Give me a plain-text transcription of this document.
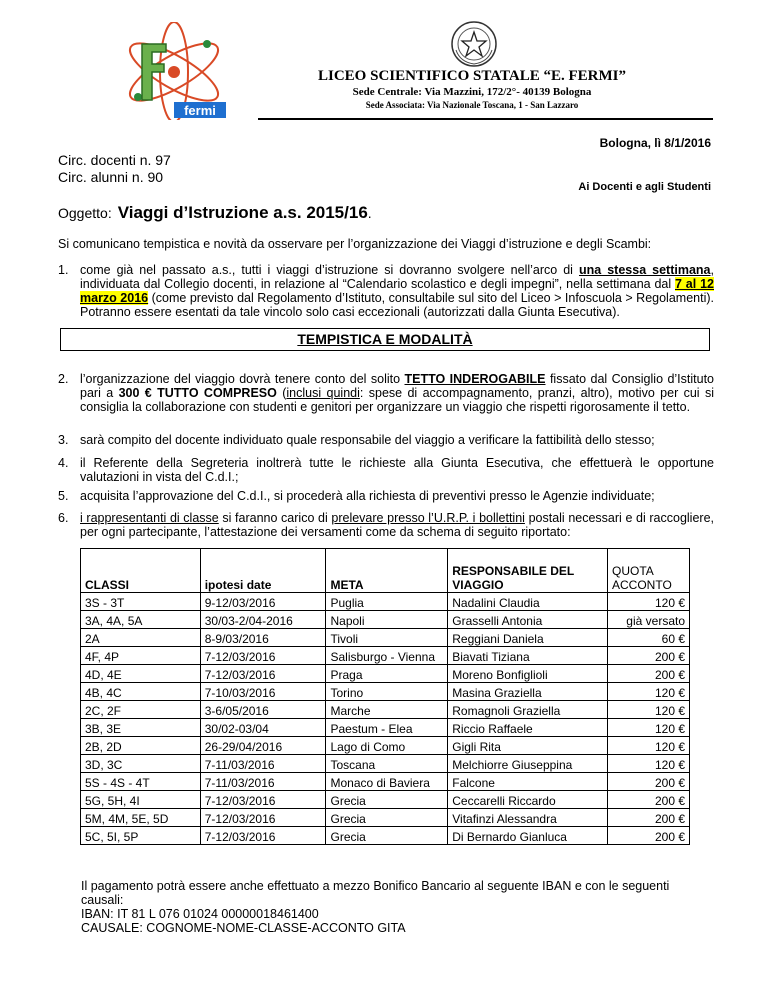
fermi
LICEO SCIENTIFICO STATALE “E. FERMI”
Sede Centrale: Via Mazzini, 172/2°- 40139 Bologna
Sede Associata: Via Nazionale Toscana, 1 - San Lazzaro
Bologna, lì 8/1/2016
Circ. docenti n. 97
Circ. alunni n. 90
Ai Docenti e agli Studenti
Oggetto: Viaggi d’Istruzione a.s. 2015/16.
Si comunicano tempistica e novità da osservare per l’organizzazione dei Viaggi d’istruzione e degli Scambi:
1. come già nel passato a.s., tutti i viaggi d’istruzione si dovranno svolgere nell’arco di una stessa settimana, individuata dal Collegio docenti, in relazione al “Calendario scolastico e degli impegni”, nella settimana dal 7 al 12 marzo 2016 (come previsto dal Regolamento d’Istituto, consultabile sul sito del Liceo > Infoscuola > Regolamenti). Potranno essere esentati da tale vincolo solo casi eccezionali (autorizzati dalla Giunta Esecutiva).
TEMPISTICA E MODALITÀ
2. l’organizzazione del viaggio dovrà tenere conto del solito TETTO INDEROGABILE fissato dal Consiglio d’Istituto pari a 300 € TUTTO COMPRESO (inclusi quindi: spese di accompagnamento, pranzi, altro), motivo per cui si consiglia la collaborazione con studenti e genitori per organizzare un viaggio che rispetti rigorosamente il tetto.
3. sarà compito del docente individuato quale responsabile del viaggio a verificare la fattibilità dello stesso;
4. il Referente della Segreteria inoltrerà tutte le richieste alla Giunta Esecutiva, che effettuerà le opportune valutazioni in vista del C.d.I.;
5. acquisita l’approvazione del C.d.I., si procederà alla richiesta di preventivi presso le Agenzie individuate;
6. i rappresentanti di classe si faranno carico di prelevare presso l’U.R.P. i bollettini postali necessari e di raccogliere, per ogni partecipante, l’attestazione dei versamenti come da schema di seguito riportato:
CLASSI	ipotesi date	META	RESPONSABILE DEL VIAGGIO	QUOTA ACCONTO
3S - 3T	9-12/03/2016	Puglia	Nadalini Claudia	120 €
3A, 4A, 5A	30/03-2/04-2016	Napoli	Grasselli Antonia	già versato
2A	8-9/03/2016	Tivoli	Reggiani Daniela	60 €
4F, 4P	7-12/03/2016	Salisburgo - Vienna	Biavati Tiziana	200 €
4D, 4E	7-12/03/2016	Praga	Moreno Bonfiglioli	200 €
4B, 4C	7-10/03/2016	Torino	Masina Graziella	120 €
2C, 2F	3-6/05/2016	Marche	Romagnoli Graziella	120 €
3B, 3E	30/02-03/04	Paestum - Elea	Riccio Raffaele	120 €
2B, 2D	26-29/04/2016	Lago di Como	Gigli Rita	120 €
3D, 3C	7-11/03/2016	Toscana	Melchiorre Giuseppina	120 €
5S - 4S - 4T	7-11/03/2016	Monaco di Baviera	Falcone	200 €
5G, 5H, 4I	7-12/03/2016	Grecia	Ceccarelli Riccardo	200 €
5M, 4M, 5E, 5D	7-12/03/2016	Grecia	Vitafinzi Alessandra	200 €
5C, 5I, 5P	7-12/03/2016	Grecia	Di Bernardo Gianluca	200 €
Il pagamento potrà essere anche effettuato a mezzo Bonifico Bancario al seguente IBAN e con le seguenti causali:
IBAN: IT 81 L 076 01024 00000018461400
CAUSALE: COGNOME-NOME-CLASSE-ACCONTO GITA
